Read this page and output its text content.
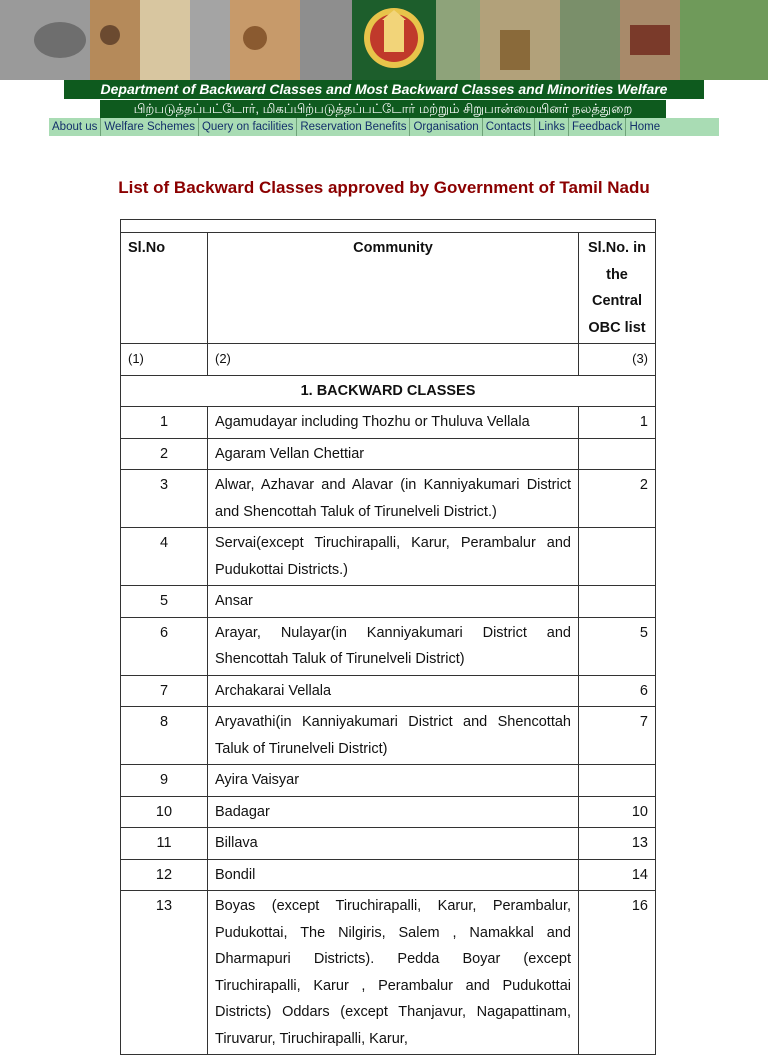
Department of Backward Classes and Most Backward Classes and Minorities Welfare
பிற்படுத்தப்பட்டோர், மிகப்பிற்படுத்தப்பட்டோர் மற்றும் சிறுபான்மையினர் நலத்துறை
About us Welfare Schemes Query on facilities Reservation Benefits Organisation Contacts Links Feedback Home
List of Backward Classes approved by Government of Tamil Nadu

Sl.No	Community	Sl.No. in the Central OBC list
(1)	(2)	(3)
1. BACKWARD CLASSES		
1	Agamudayar including Thozhu or Thuluva Vellala	1
2	Agaram Vellan Chettiar	
3	Alwar, Azhavar and Alavar (in Kanniyakumari District and Shencottah Taluk of Tirunelveli District.)	2
4	Servai(except Tiruchirapalli, Karur, Perambalur and Pudukottai Districts.)	
5	Ansar	
6	Arayar, Nulayar(in Kanniyakumari District and Shencottah Taluk of Tirunelveli District)	5
7	Archakarai Vellala	6
8	Aryavathi(in Kanniyakumari District and Shencottah Taluk of Tirunelveli District)	7
9	Ayira Vaisyar	
10	Badagar	10
11	Billava	13
12	Bondil	14
13	Boyas (except Tiruchirapalli, Karur, Perambalur, Pudukottai, The Nilgiris, Salem , Namakkal and Dharmapuri Districts). Pedda Boyar (except Tiruchirapalli, Karur , Perambalur and Pudukottai Districts) Oddars (except Thanjavur, Nagapattinam, Tiruvarur, Tiruchirapalli, Karur,	16
